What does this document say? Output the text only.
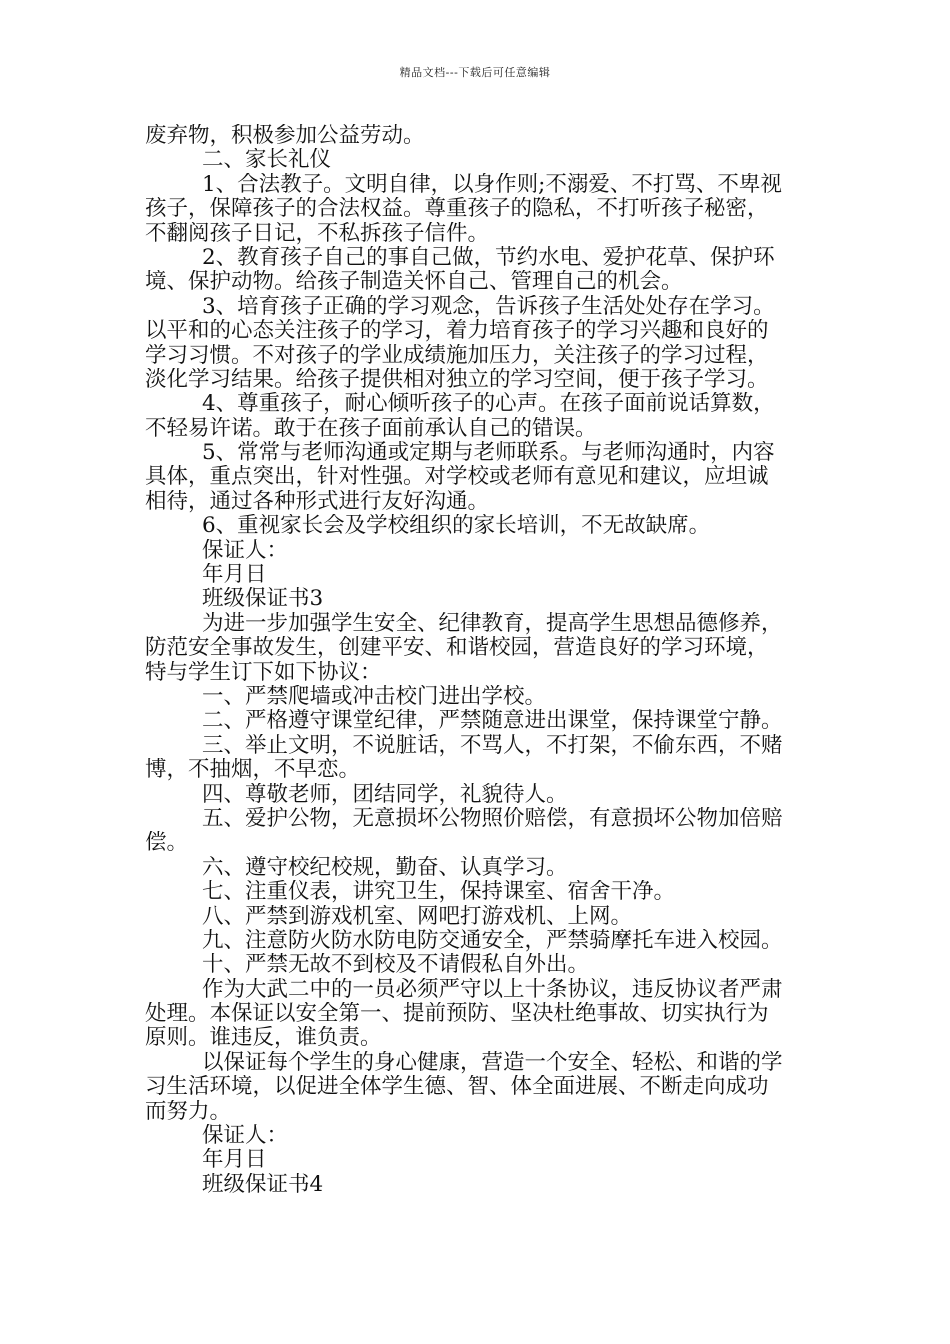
精品文档---下载后可任意编辑
废弃物，积极参加公益劳动。
二、家长礼仪
1、合法教子。文明自律，以身作则;不溺爱、不打骂、不卑视
孩子，保障孩子的合法权益。尊重孩子的隐私，不打听孩子秘密，
不翻阅孩子日记，不私拆孩子信件。
2、教育孩子自己的事自己做，节约水电、爱护花草、保护环
境、保护动物。给孩子制造关怀自己、管理自己的机会。
3、培育孩子正确的学习观念，告诉孩子生活处处存在学习。
以平和的心态关注孩子的学习，着力培育孩子的学习兴趣和良好的
学习习惯。不对孩子的学业成绩施加压力，关注孩子的学习过程，
淡化学习结果。给孩子提供相对独立的学习空间，便于孩子学习。
4、尊重孩子，耐心倾听孩子的心声。在孩子面前说话算数，
不轻易许诺。敢于在孩子面前承认自己的错误。
5、常常与老师沟通或定期与老师联系。与老师沟通时，内容
具体，重点突出，针对性强。对学校或老师有意见和建议，应坦诚
相待，通过各种形式进行友好沟通。
6、重视家长会及学校组织的家长培训，不无故缺席。
保证人：
年月日
班级保证书3
为进一步加强学生安全、纪律教育，提高学生思想品德修养，
防范安全事故发生，创建平安、和谐校园，营造良好的学习环境，
特与学生订下如下协议：
一、严禁爬墙或冲击校门进出学校。
二、严格遵守课堂纪律，严禁随意进出课堂，保持课堂宁静。
三、举止文明，不说脏话，不骂人，不打架，不偷东西，不赌
博，不抽烟，不早恋。
四、尊敬老师，团结同学，礼貌待人。
五、爱护公物，无意损坏公物照价赔偿，有意损坏公物加倍赔
偿。
六、遵守校纪校规，勤奋、认真学习。
七、注重仪表，讲究卫生，保持课室、宿舍干净。
八、严禁到游戏机室、网吧打游戏机、上网。
九、注意防火防水防电防交通安全，严禁骑摩托车进入校园。
十、严禁无故不到校及不请假私自外出。
作为大武二中的一员必须严守以上十条协议，违反协议者严肃
处理。本保证以安全第一、提前预防、坚决杜绝事故、切实执行为
原则。谁违反，谁负责。
以保证每个学生的身心健康，营造一个安全、轻松、和谐的学
习生活环境，以促进全体学生德、智、体全面进展、不断走向成功
而努力。
保证人：
年月日
班级保证书4
